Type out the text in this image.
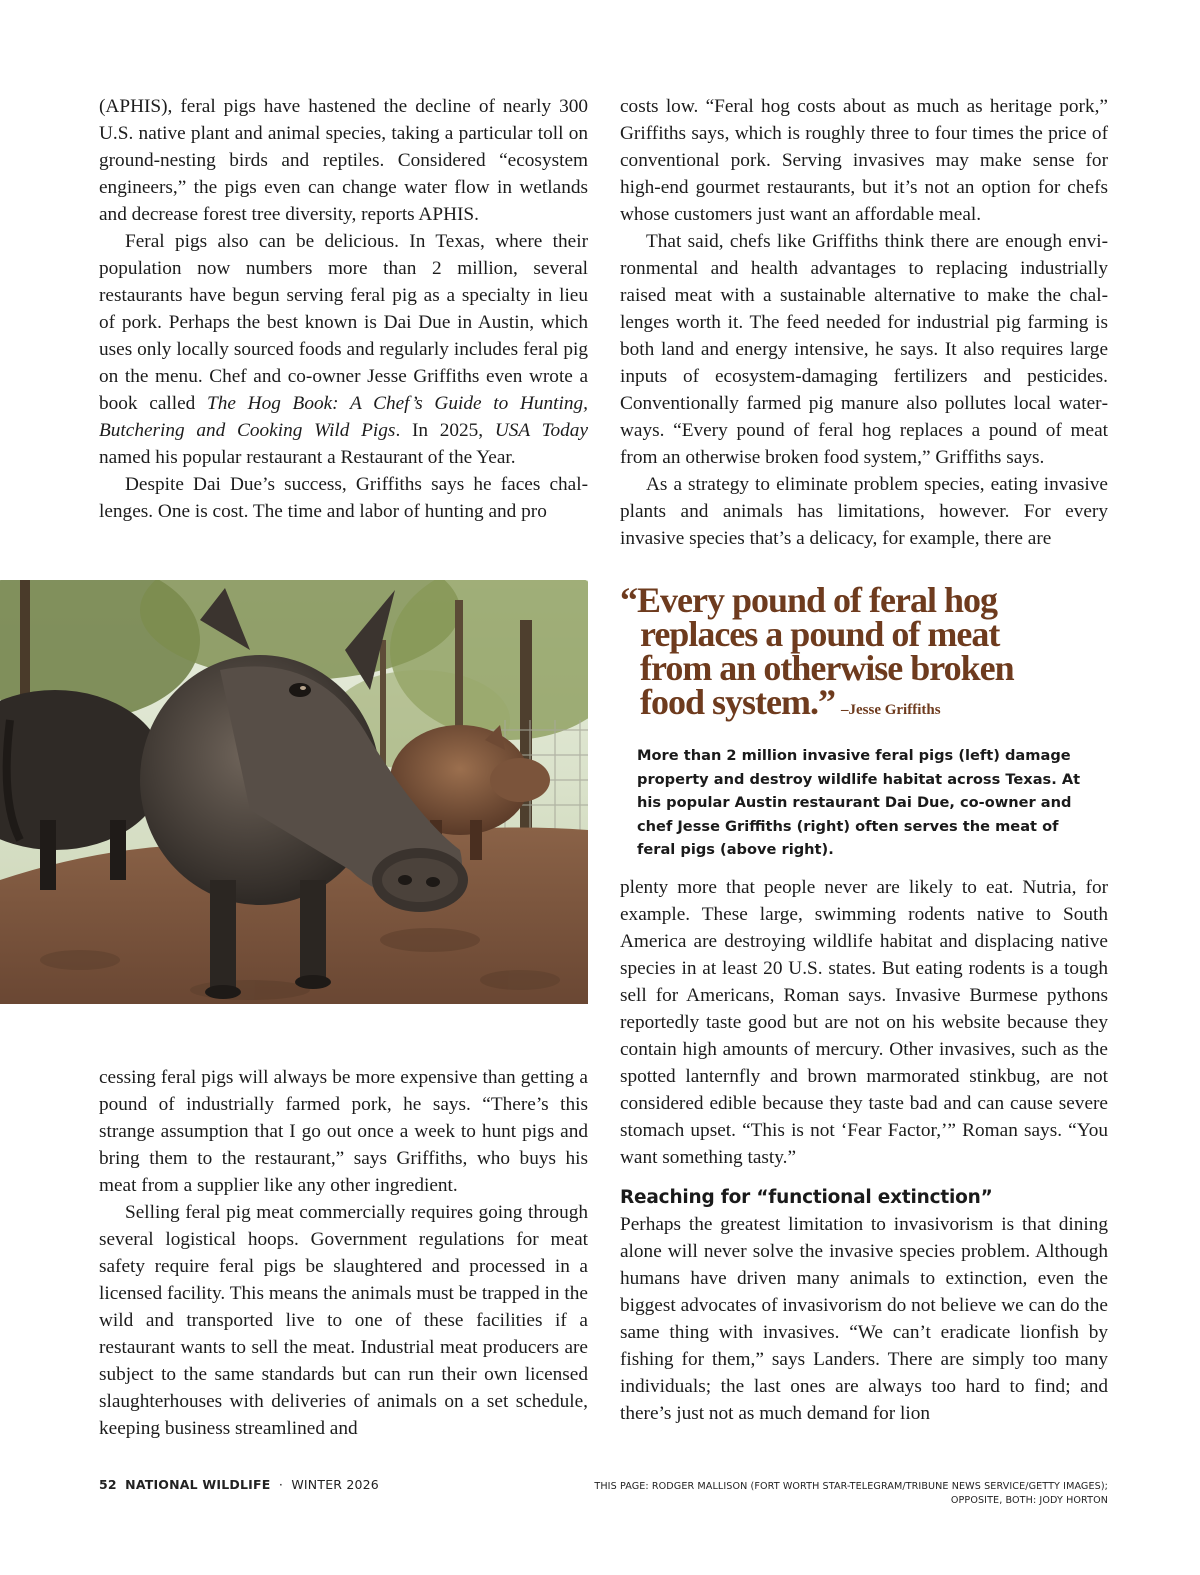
(APHIS), feral pigs have hastened the decline of nearly 300 U.S. native plant and animal species, taking a particular toll on ground-nesting birds and reptiles. Considered “ecosystem engineers,” the pigs even can change water flow in wetlands and decrease forest tree diversity, reports APHIS.

Feral pigs also can be delicious. In Texas, where their population now numbers more than 2 million, several restaurants have begun serving feral pig as a specialty in lieu of pork. Perhaps the best known is Dai Due in Austin, which uses only locally sourced foods and regularly includes feral pig on the menu. Chef and co-owner Jesse Griffiths even wrote a book called The Hog Book: A Chef’s Guide to Hunting, Butchering and Cooking Wild Pigs. In 2025, USA Today named his popular restaurant a Restaurant of the Year.

Despite Dai Due’s success, Griffiths says he faces challenges. One is cost. The time and labor of hunting and pro

cessing feral pigs will always be more expensive than getting a pound of industrially farmed pork, he says. “There’s this strange assumption that I go out once a week to hunt pigs and bring them to the restaurant,” says Griffiths, who buys his meat from a supplier like any other ingredient.

Selling feral pig meat commercially requires going through several logistical hoops. Government regulations for meat safety require feral pigs be slaughtered and processed in a licensed facility. This means the animals must be trapped in the wild and transported live to one of these facilities if a restaurant wants to sell the meat. Industrial meat producers are subject to the same standards but can run their own licensed slaughterhouses with deliveries of animals on a set schedule, keeping business streamlined and

costs low. “Feral hog costs about as much as heritage pork,” Griffiths says, which is roughly three to four times the price of conventional pork. Serving invasives may make sense for high-end gourmet restaurants, but it’s not an option for chefs whose customers just want an affordable meal.

That said, chefs like Griffiths think there are enough environmental and health advantages to replacing industrially raised meat with a sustainable alternative to make the challenges worth it. The feed needed for industrial pig farming is both land and energy intensive, he says. It also requires large inputs of ecosystem-damaging fertilizers and pesticides. Conventionally farmed pig manure also pollutes local waterways. “Every pound of feral hog replaces a pound of meat from an otherwise broken food system,” Griffiths says.

As a strategy to eliminate problem species, eating invasive plants and animals has limitations, however. For every invasive species that’s a delicacy, for example, there are

“Every pound of feral hog
replaces a pound of meat
from an otherwise broken
food system.” –Jesse Griffiths
More than 2 million invasive feral pigs (left) damage property and destroy wildlife habitat across Texas. At his popular Austin restaurant Dai Due, co-owner and chef Jesse Griffiths (right) often serves the meat of feral pigs (above right).

plenty more that people never are likely to eat. Nutria, for example. These large, swimming rodents native to South America are destroying wildlife habitat and displacing native species in at least 20 U.S. states. But eating rodents is a tough sell for Americans, Roman says. Invasive Burmese pythons reportedly taste good but are not on his website because they contain high amounts of mercury. Other invasives, such as the spotted lanternfly and brown marmorated stinkbug, are not considered edible because they taste bad and can cause severe stomach upset. “This is not ‘Fear Factor,’” Roman says. “You want something tasty.”

Reaching for “functional extinction”

Perhaps the greatest limitation to invasivorism is that dining alone will never solve the invasive species problem. Although humans have driven many animals to extinction, even the biggest advocates of invasivorism do not believe we can do the same thing with invasives. “We can’t eradicate lionfish by fishing for them,” says Landers. There are simply too many individuals; the last ones are always too hard to find; and there’s just not as much demand for lion

52 NATIONAL WILDLIFE · WINTER 2026	THIS PAGE: RODGER MALLISON (FORT WORTH STAR-TELEGRAM/TRIBUNE NEWS SERVICE/GETTY IMAGES);
OPPOSITE, BOTH: JODY HORTON
